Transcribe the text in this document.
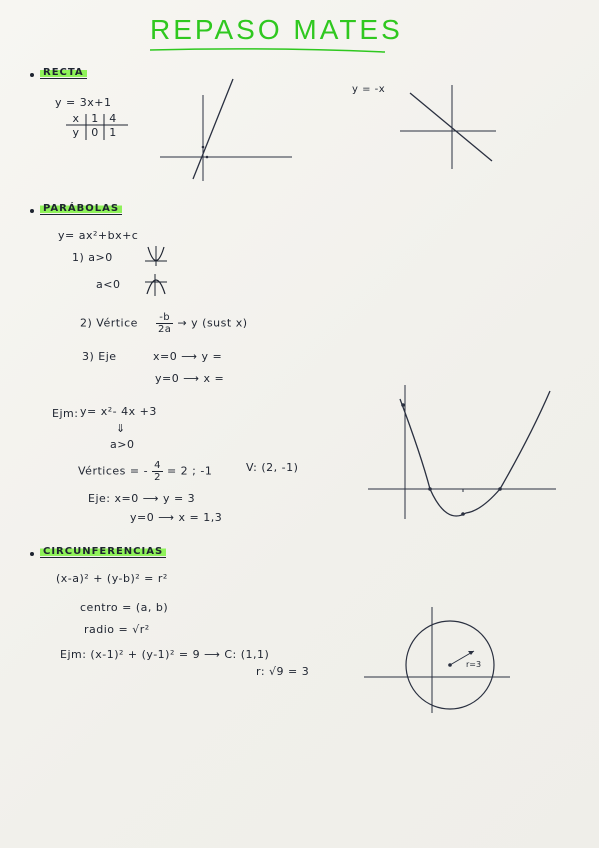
REPASO MATES
RECTA
y = 3x+1
x	1 4
y	0 1
y = -x
PARÁBOLAS
y= ax²+bx+c
1) a>0
a<0
2) Vértice $\frac{-b}{2a} \to y$ (sust x)
3) Eje	x=0 ⟶ y =
y=0 ⟶ x =
Ejm: y= x²- 4x +3
⇓
a>0
Vértices = - $\frac{4}{2} = 2$ ; -1	V: (2, -1)
Eje: x=0 ⟶ y = 3
y=0 ⟶ x = 1,3
CIRCUNFERENCIAS
(x-a)² + (y-b)² = r²
centro = (a, b)
radio = √r²
Ejm: (x-1)² + (y-1)² = 9 ⟶ C: (1,1)
r: √9 = 3
r=3
